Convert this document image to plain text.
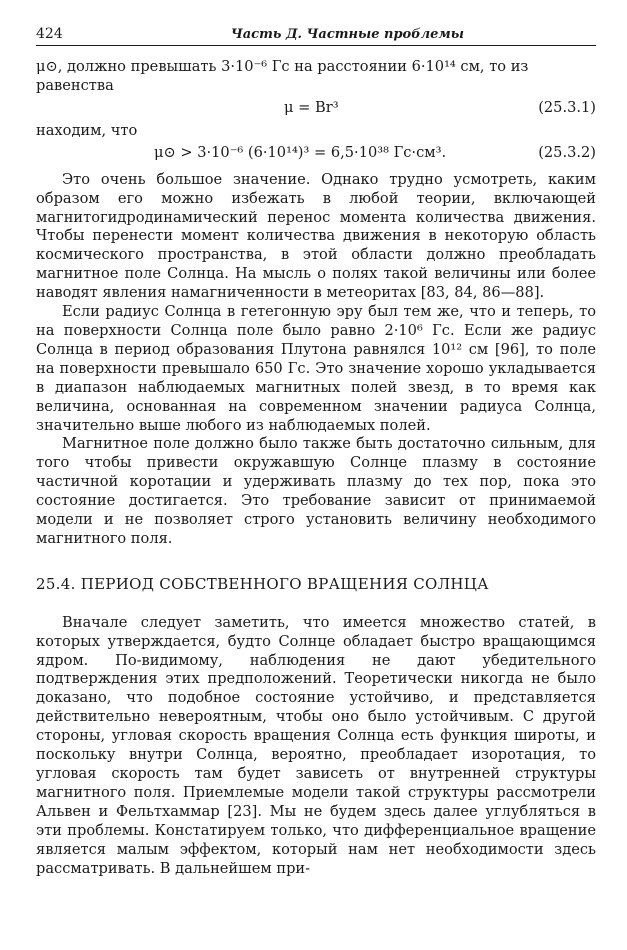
424	Часть Д. Частные проблемы
μ⊙, должно превышать 3·10⁻⁶ Гс на расстоянии 6·10¹⁴ см, то из
равенства
μ = Br³	(25.3.1)
находим, что
μ⊙ > 3·10⁻⁶ (6·10¹⁴)³ = 6,5·10³⁸ Гс·см³.	(25.3.2)

Это очень большое значение. Однако трудно усмотреть, каким образом его можно избежать в любой теории, включающей магнитогидродинамический перенос момента количества движения. Чтобы перенести момент количества движения в некоторую область космического пространства, в этой области должно преобладать магнитное поле Солнца. На мысль о полях такой величины или более наводят явления намагниченности в метеоритах [83, 84, 86—88].

Если радиус Солнца в гетегонную эру был тем же, что и теперь, то на поверхности Солнца поле было равно 2·10⁶ Гс. Если же радиус Солнца в период образования Плутона равнялся 10¹² см [96], то поле на поверхности превышало 650 Гс. Это значение хорошо укладывается в диапазон наблюдаемых магнитных полей звезд, в то время как величина, основанная на современном значении радиуса Солнца, значительно выше любого из наблюдаемых полей.

Магнитное поле должно было также быть достаточно сильным, для того чтобы привести окружавшую Солнце плазму в состояние частичной коротации и удерживать плазму до тех пор, пока это состояние достигается. Это требование зависит от принимаемой модели и не позволяет строго установить величину необходимого магнитного поля.

25.4. ПЕРИОД СОБСТВЕННОГО ВРАЩЕНИЯ СОЛНЦА

Вначале следует заметить, что имеется множество статей, в которых утверждается, будто Солнце обладает быстро вращающимся ядром. По-видимому, наблюдения не дают убедительного подтверждения этих предположений. Теоретически никогда не было доказано, что подобное состояние устойчиво, и представляется действительно невероятным, чтобы оно было устойчивым. С другой стороны, угловая скорость вращения Солнца есть функция широты, и поскольку внутри Солнца, вероятно, преобладает изоротация, то угловая скорость там будет зависеть от внутренней структуры магнитного поля. Приемлемые модели такой структуры рассмотрели Альвен и Фельтхаммар [23]. Мы не будем здесь далее углубляться в эти проблемы. Констатируем только, что дифференциальное вращение является малым эффектом, который нам нет необходимости здесь рассматривать. В дальнейшем при-
